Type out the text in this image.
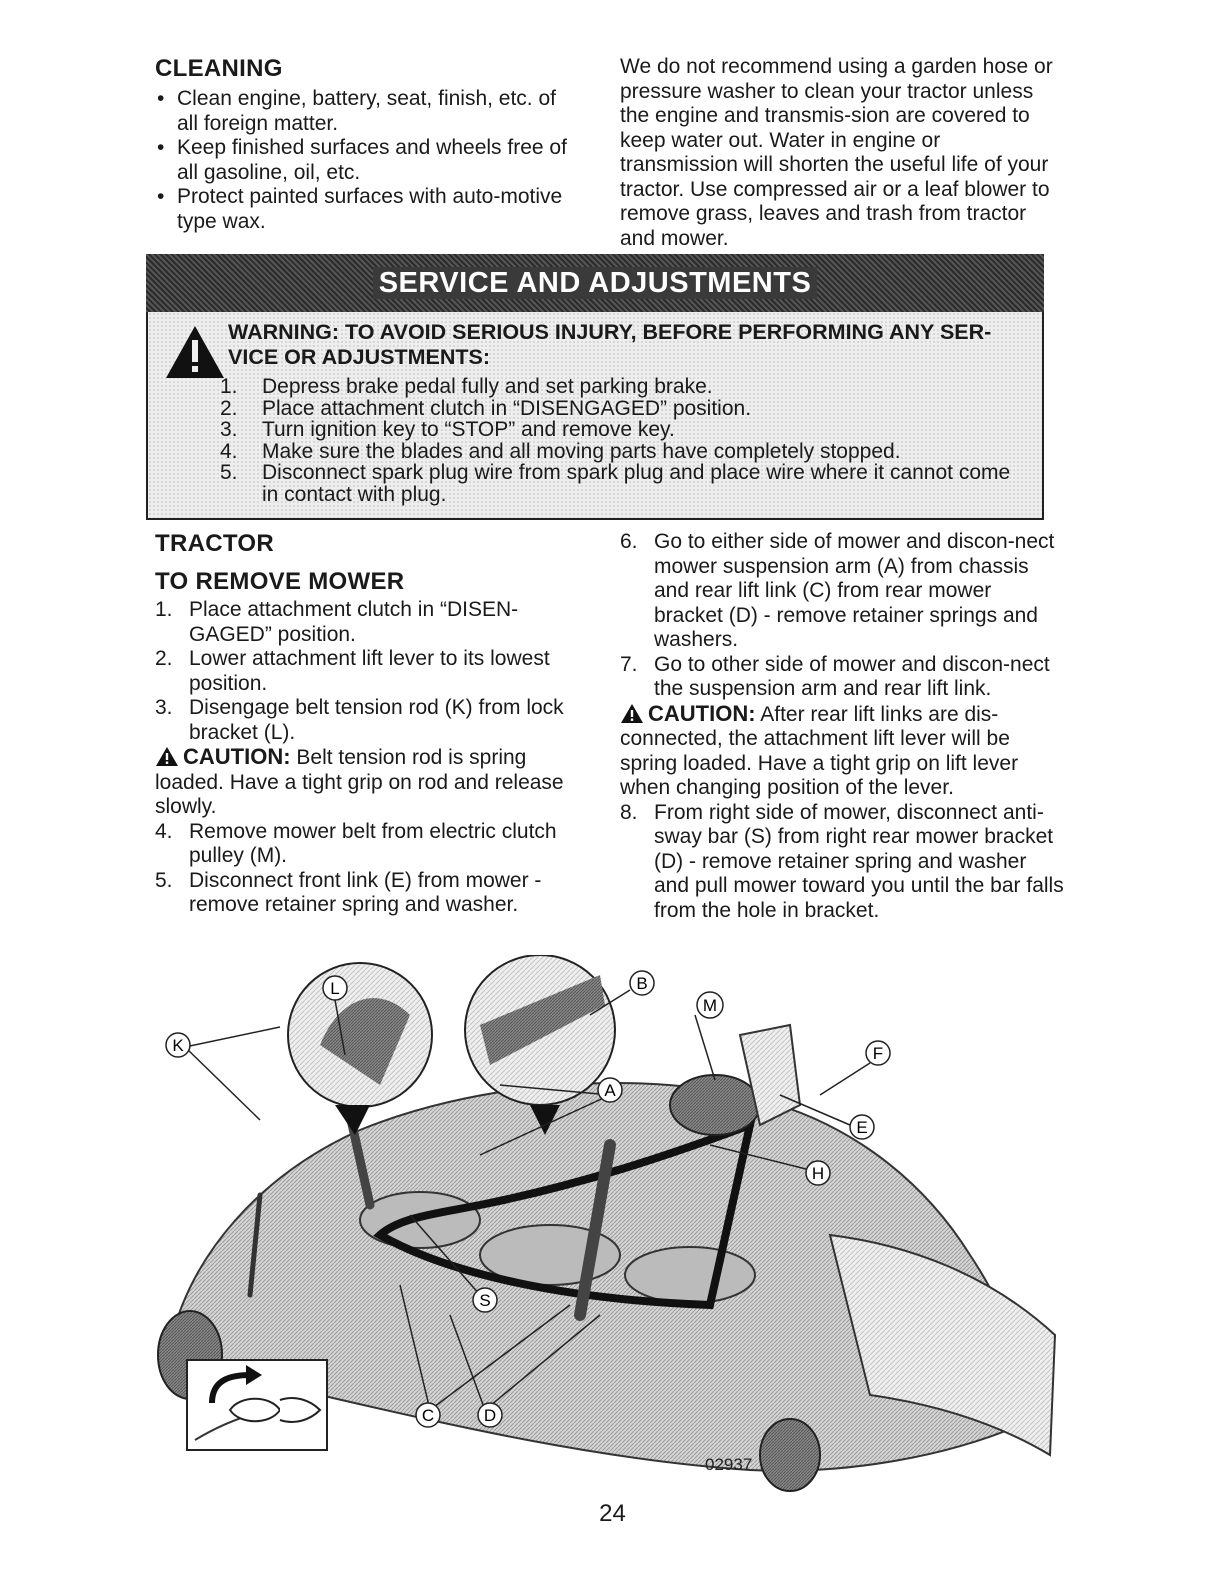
CLEANING
• Clean engine, battery, seat, finish, etc. of all foreign matter.
• Keep finished surfaces and wheels free of all gasoline, oil, etc.
• Protect painted surfaces with auto-motive type wax.
We do not recommend using a garden hose or pressure washer to clean your tractor unless the engine and transmis-sion are covered to keep water out. Water in engine or transmission will shorten the useful life of your tractor. Use compressed air or a leaf blower to remove grass, leaves and trash from tractor and mower.
SERVICE AND ADJUSTMENTS
WARNING: TO AVOID SERIOUS INJURY, BEFORE PERFORMING ANY SER-VICE OR ADJUSTMENTS:
1. Depress brake pedal fully and set parking brake.
2. Place attachment clutch in “DISENGAGED” position.
3. Turn ignition key to “STOP” and remove key.
4. Make sure the blades and all moving parts have completely stopped.
5. Disconnect spark plug wire from spark plug and place wire where it cannot come in contact with plug.
TRACTOR
TO REMOVE MOWER
1. Place attachment clutch in “DISEN-GAGED” position.
2. Lower attachment lift lever to its lowest position.
3. Disengage belt tension rod (K) from lock bracket (L).

CAUTION: Belt tension rod is spring loaded. Have a tight grip on rod and release slowly.

4. Remove mower belt from electric clutch pulley (M).
5. Disconnect front link (E) from mower - remove retainer spring and washer.
6. Go to either side of mower and discon-nect mower suspension arm (A) from chassis and rear lift link (C) from rear mower bracket (D) - remove retainer springs and washers.
7. Go to other side of mower and discon-nect the suspension arm and rear lift link.

CAUTION: After rear lift links are dis-connected, the attachment lift lever will be spring loaded. Have a tight grip on lift lever when changing position of the lever.

8. From right side of mower, disconnect anti-sway bar (S) from right rear mower bracket (D) - remove retainer spring and washer and pull mower toward you until the bar falls from the hole in bracket.
L
K
B
M
A
F
E
H
S
C	D
02937
24
